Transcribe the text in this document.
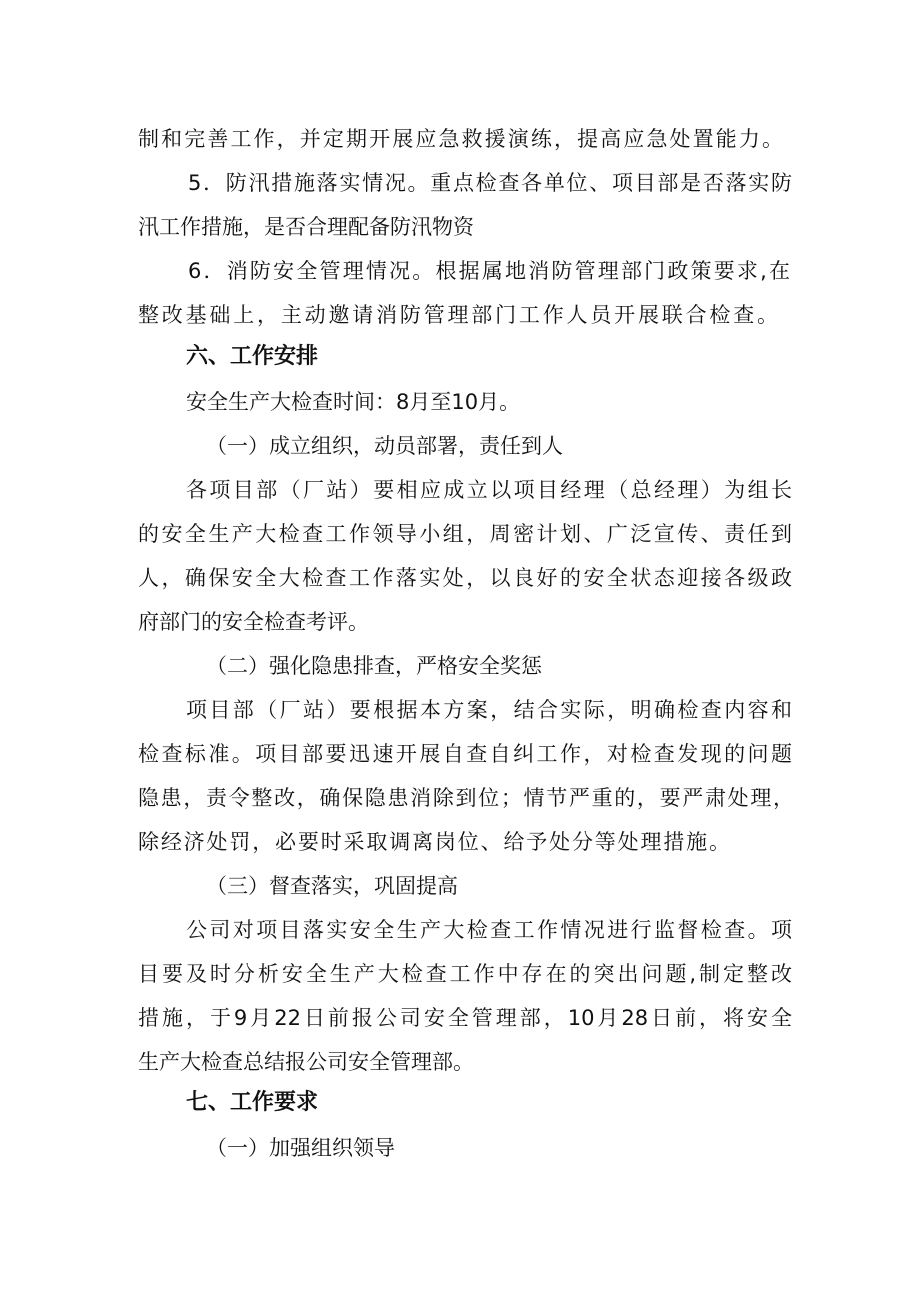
制和完善工作，并定期开展应急救援演练，提高应急处置能力。
5．防汛措施落实情况。重点检查各单位、项目部是否落实防
汛工作措施，是否合理配备防汛物资
6．消防安全管理情况。根据属地消防管理部门政策要求,在
整改基础上，主动邀请消防管理部门工作人员开展联合检查。
六、工作安排
安全生产大检查时间：8月至10月。
（一）成立组织，动员部署，责任到人
各项目部（厂站）要相应成立以项目经理（总经理）为组长
的安全生产大检查工作领导小组，周密计划、广泛宣传、责任到
人，确保安全大检查工作落实处，以良好的安全状态迎接各级政
府部门的安全检查考评。
（二）强化隐患排查，严格安全奖惩
项目部（厂站）要根据本方案，结合实际，明确检查内容和
检查标准。项目部要迅速开展自查自纠工作，对检查发现的问题
隐患，责令整改，确保隐患消除到位；情节严重的，要严肃处理，
除经济处罚，必要时采取调离岗位、给予处分等处理措施。
（三）督查落实，巩固提高
公司对项目落实安全生产大检查工作情况进行监督检查。项
目要及时分析安全生产大检查工作中存在的突出问题,制定整改
措施，于9月22日前报公司安全管理部，10月28日前，将安全
生产大检查总结报公司安全管理部。
七、工作要求
（一）加强组织领导
